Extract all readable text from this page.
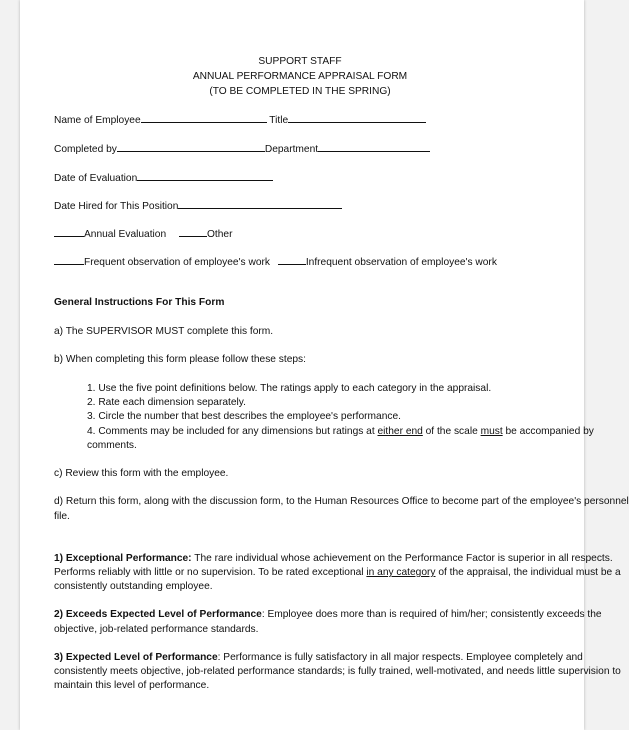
SUPPORT STAFF
ANNUAL PERFORMANCE APPRAISAL FORM
(TO BE COMPLETED IN THE SPRING)
Name of Employee	Title
Completed by	Department
Date of Evaluation
Date Hired for This Position
Annual Evaluation	Other
Frequent observation of employee's work	Infrequent observation of employee's work
General Instructions For This Form
a) The SUPERVISOR MUST complete this form.
b) When completing this form please follow these steps:
1. Use the five point definitions below. The ratings apply to each category in the appraisal.
2. Rate each dimension separately.
3. Circle the number that best describes the employee's performance.
4. Comments may be included for any dimensions but ratings at either end of the scale must be accompanied by
comments.
c) Review this form with the employee.
d) Return this form, along with the discussion form, to the Human Resources Office to become part of the employee's personnel
file.
1) Exceptional Performance: The rare individual whose achievement on the Performance Factor is superior in all respects.
Performs reliably with little or no supervision. To be rated exceptional in any category of the appraisal, the individual must be a
consistently outstanding employee.
2) Exceeds Expected Level of Performance: Employee does more than is required of him/her; consistently exceeds the
objective, job-related performance standards.
3) Expected Level of Performance: Performance is fully satisfactory in all major respects. Employee completely and
consistently meets objective, job-related performance standards; is fully trained, well-motivated, and needs little supervision to
maintain this level of performance.
